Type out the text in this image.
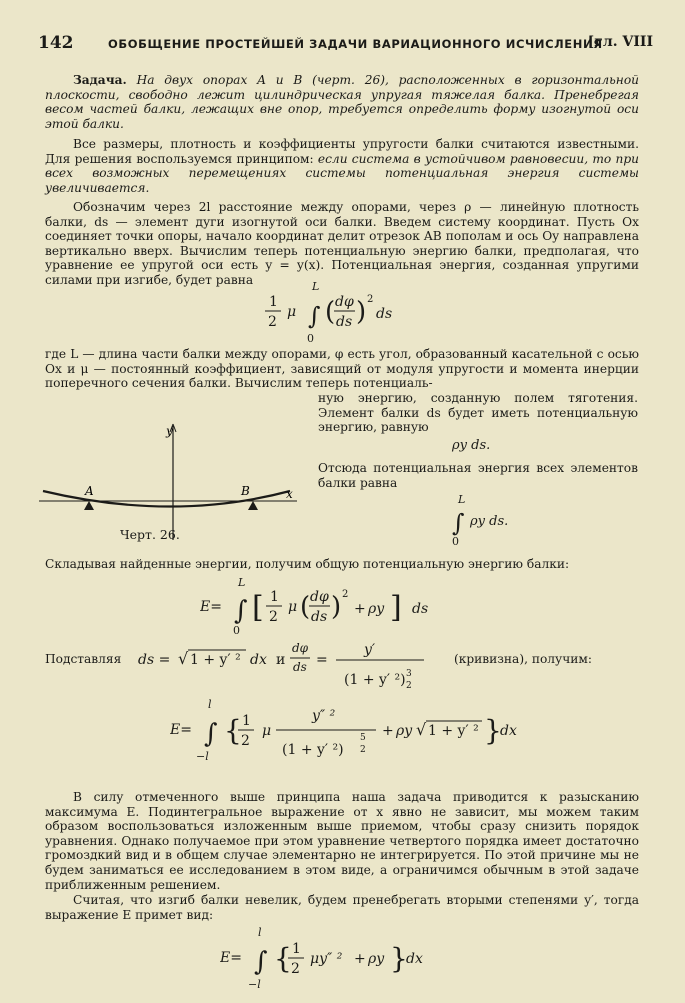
142	ОБОБЩЕНИЕ ПРОСТЕЙШЕЙ ЗАДАЧИ ВАРИАЦИОННОГО ИСЧИСЛЕНИЯ
[гл. VIII
Задача. На двух опорах A и B (черт. 26), расположенных в горизонтальной плоскости, свободно лежит цилиндрическая упругая тяжелая балка. Пренебрегая весом частей балки, лежащих вне опор, требуется определить форму изогнутой оси этой балки.
Все размеры, плотность и коэффициенты упругости балки считаются известными. Для решения воспользуемся принципом: если система в устойчивом равновесии, то при всех возможных перемещениях системы потенциальная энергия системы увеличивается.
Обозначим через 2l расстояние между опорами, через ρ — линейную плотность балки, ds — элемент дуги изогнутой оси балки. Введем систему координат. Пусть Ox соединяет точки опоры, начало координат делит отрезок AB пополам и ось Oy направлена вертикально вверх. Вычислим теперь потенциальную энергию балки, предполагая, что уравнение ее упругой оси есть y = y(x). Потенциальная энергия, созданная упругими силами при изгибе, будет равна
1
2
μ
L
∫
0
( dφ
ds ) 2
ds
где L — длина части балки между опорами, φ есть угол, образованный касательной с осью Ox и μ — постоянный коэффициент, зависящий от модуля упругости и момента инерции поперечного сечения балки. Вычислим теперь потенциаль-
A	B
y
x
Черт. 26.
ную энергию, созданную полем тяготения. Элемент балки ds будет иметь потенциальную энергию, равную
ρy ds.
Отсюда потенциальная энергия всех элементов балки равна
L
∫
0
ρy ds.
Складывая найденные энергии, получим общую потенциальную энергию балки:
E=
L
∫
0
[ 1
2
μ ( dφ
ds ) 2
+ ρy ] ds
Подставляя	ds = √ 1 + y′ ² dx и
dφ
ds =
y′
(1 + y′ ²) 3
2
(кривизна), получим:
E=
l
∫
−l
{ 1
2
μ
y″ ²
(1 + y′ ²)
5
2
+ ρy √ 1 + y′ ² }
dx
В силу отмеченного выше принципа наша задача приводится к разысканию максимума E. Подинтегральное выражение от x явно не зависит, мы можем таким образом воспользоваться изложенным выше приемом, чтобы сразу снизить порядок уравнения. Однако получаемое при этом уравнение четвертого порядка имеет достаточно громоздкий вид и в общем случае элементарно не интегрируется. По этой причине мы не будем заниматься ее исследованием в этом виде, а ограничимся обычным в этой задаче приближенным решением.
Считая, что изгиб балки невелик, будем пренебрегать вторыми степенями y′, тогда выражение E примет вид:
E=
l
∫
−l
{ 1
2
μy″ ² + ρy }
dx
